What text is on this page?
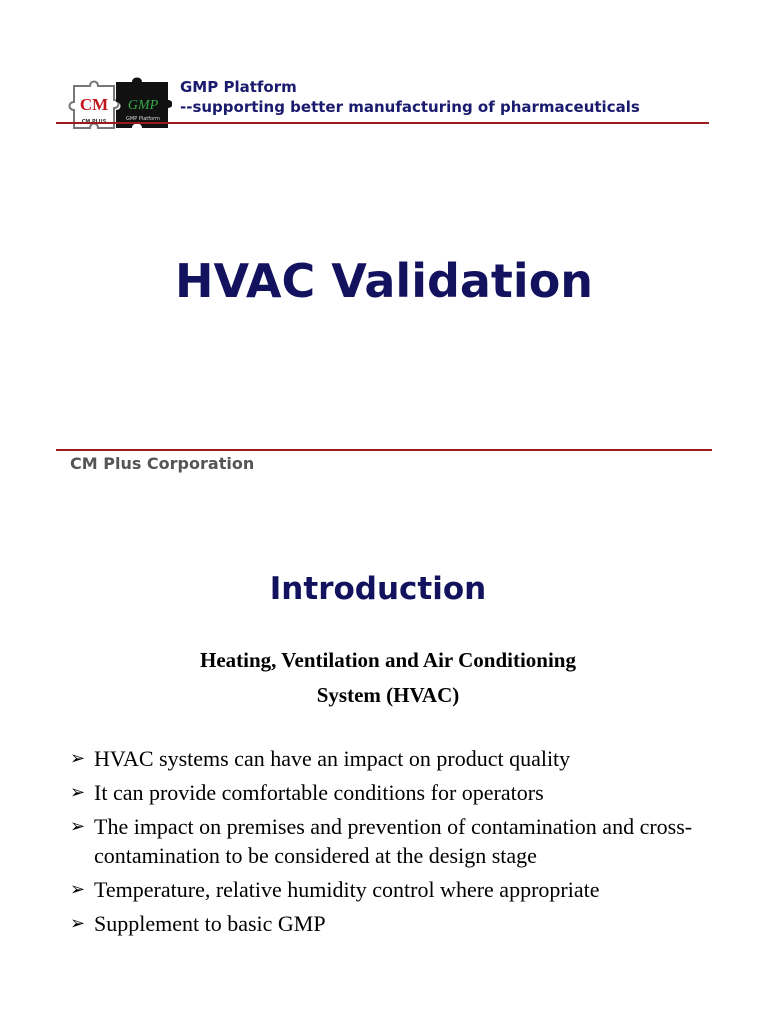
CM GMP
GMP Platform
GMP Platform
--supporting better manufacturing of pharmaceuticals
HVAC Validation
CM Plus Corporation
Introduction
Heating, Ventilation and Air Conditioning
System (HVAC)
➢ HVAC systems can have an impact on product quality
➢ It can provide comfortable conditions for operators
➢ The impact on premises and prevention of contamination and cross-contamination to be considered at the design stage
➢ Temperature, relative humidity control where appropriate
➢ Supplement to basic GMP
